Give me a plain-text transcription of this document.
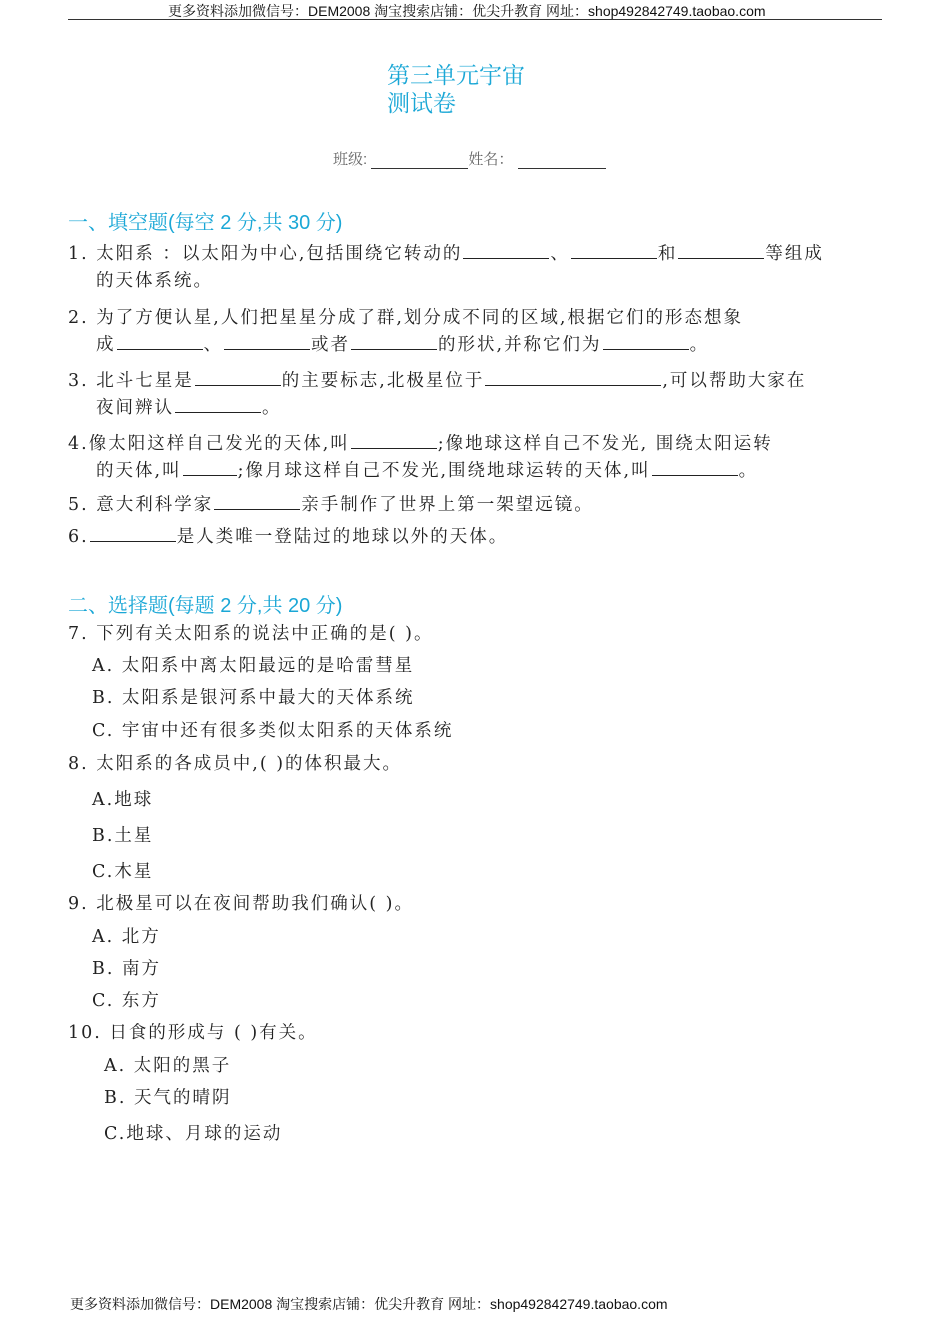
更多资料添加微信号：DEM2008 淘宝搜索店铺：优尖升教育 网址：shop492842749.taobao.com
第三单元宇宙
测试卷
班级:	姓名：
一、填空题(每空 2 分,共 30 分)
1. 太阳系 ：以太阳为中心,包括围绕它转动的	、	和	等组成
的天体系统。
2. 为了方便认星,人们把星星分成了群,划分成不同的区域,根据它们的形态想象
成	、	或者	的形状,并称它们为	。
3. 北斗七星是	的主要标志,北极星位于	,可以帮助大家在
夜间辨认	。
4.像太阳这样自己发光的天体,叫	;像地球这样自己不发光, 围绕太阳运转
的天体,叫	;像月球这样自己不发光,围绕地球运转的天体,叫	。
5. 意大利科学家	亲手制作了世界上第一架望远镜。
6.	是人类唯一登陆过的地球以外的天体。
二、选择题(每题 2 分,共 20 分)
7. 下列有关太阳系的说法中正确的是( )。
A. 太阳系中离太阳最远的是哈雷彗星
B. 太阳系是银河系中最大的天体系统
C. 宇宙中还有很多类似太阳系的天体系统
8. 太阳系的各成员中,( )的体积最大。
A.地球
B.土星
C.木星
9. 北极星可以在夜间帮助我们确认( )。
A. 北方
B. 南方
C. 东方
10. 日食的形成与 ( )有关。
A. 太阳的黑子
B. 天气的晴阴
C.地球、月球的运动
更多资料添加微信号：DEM2008 淘宝搜索店铺：优尖升教育 网址：shop492842749.taobao.com
